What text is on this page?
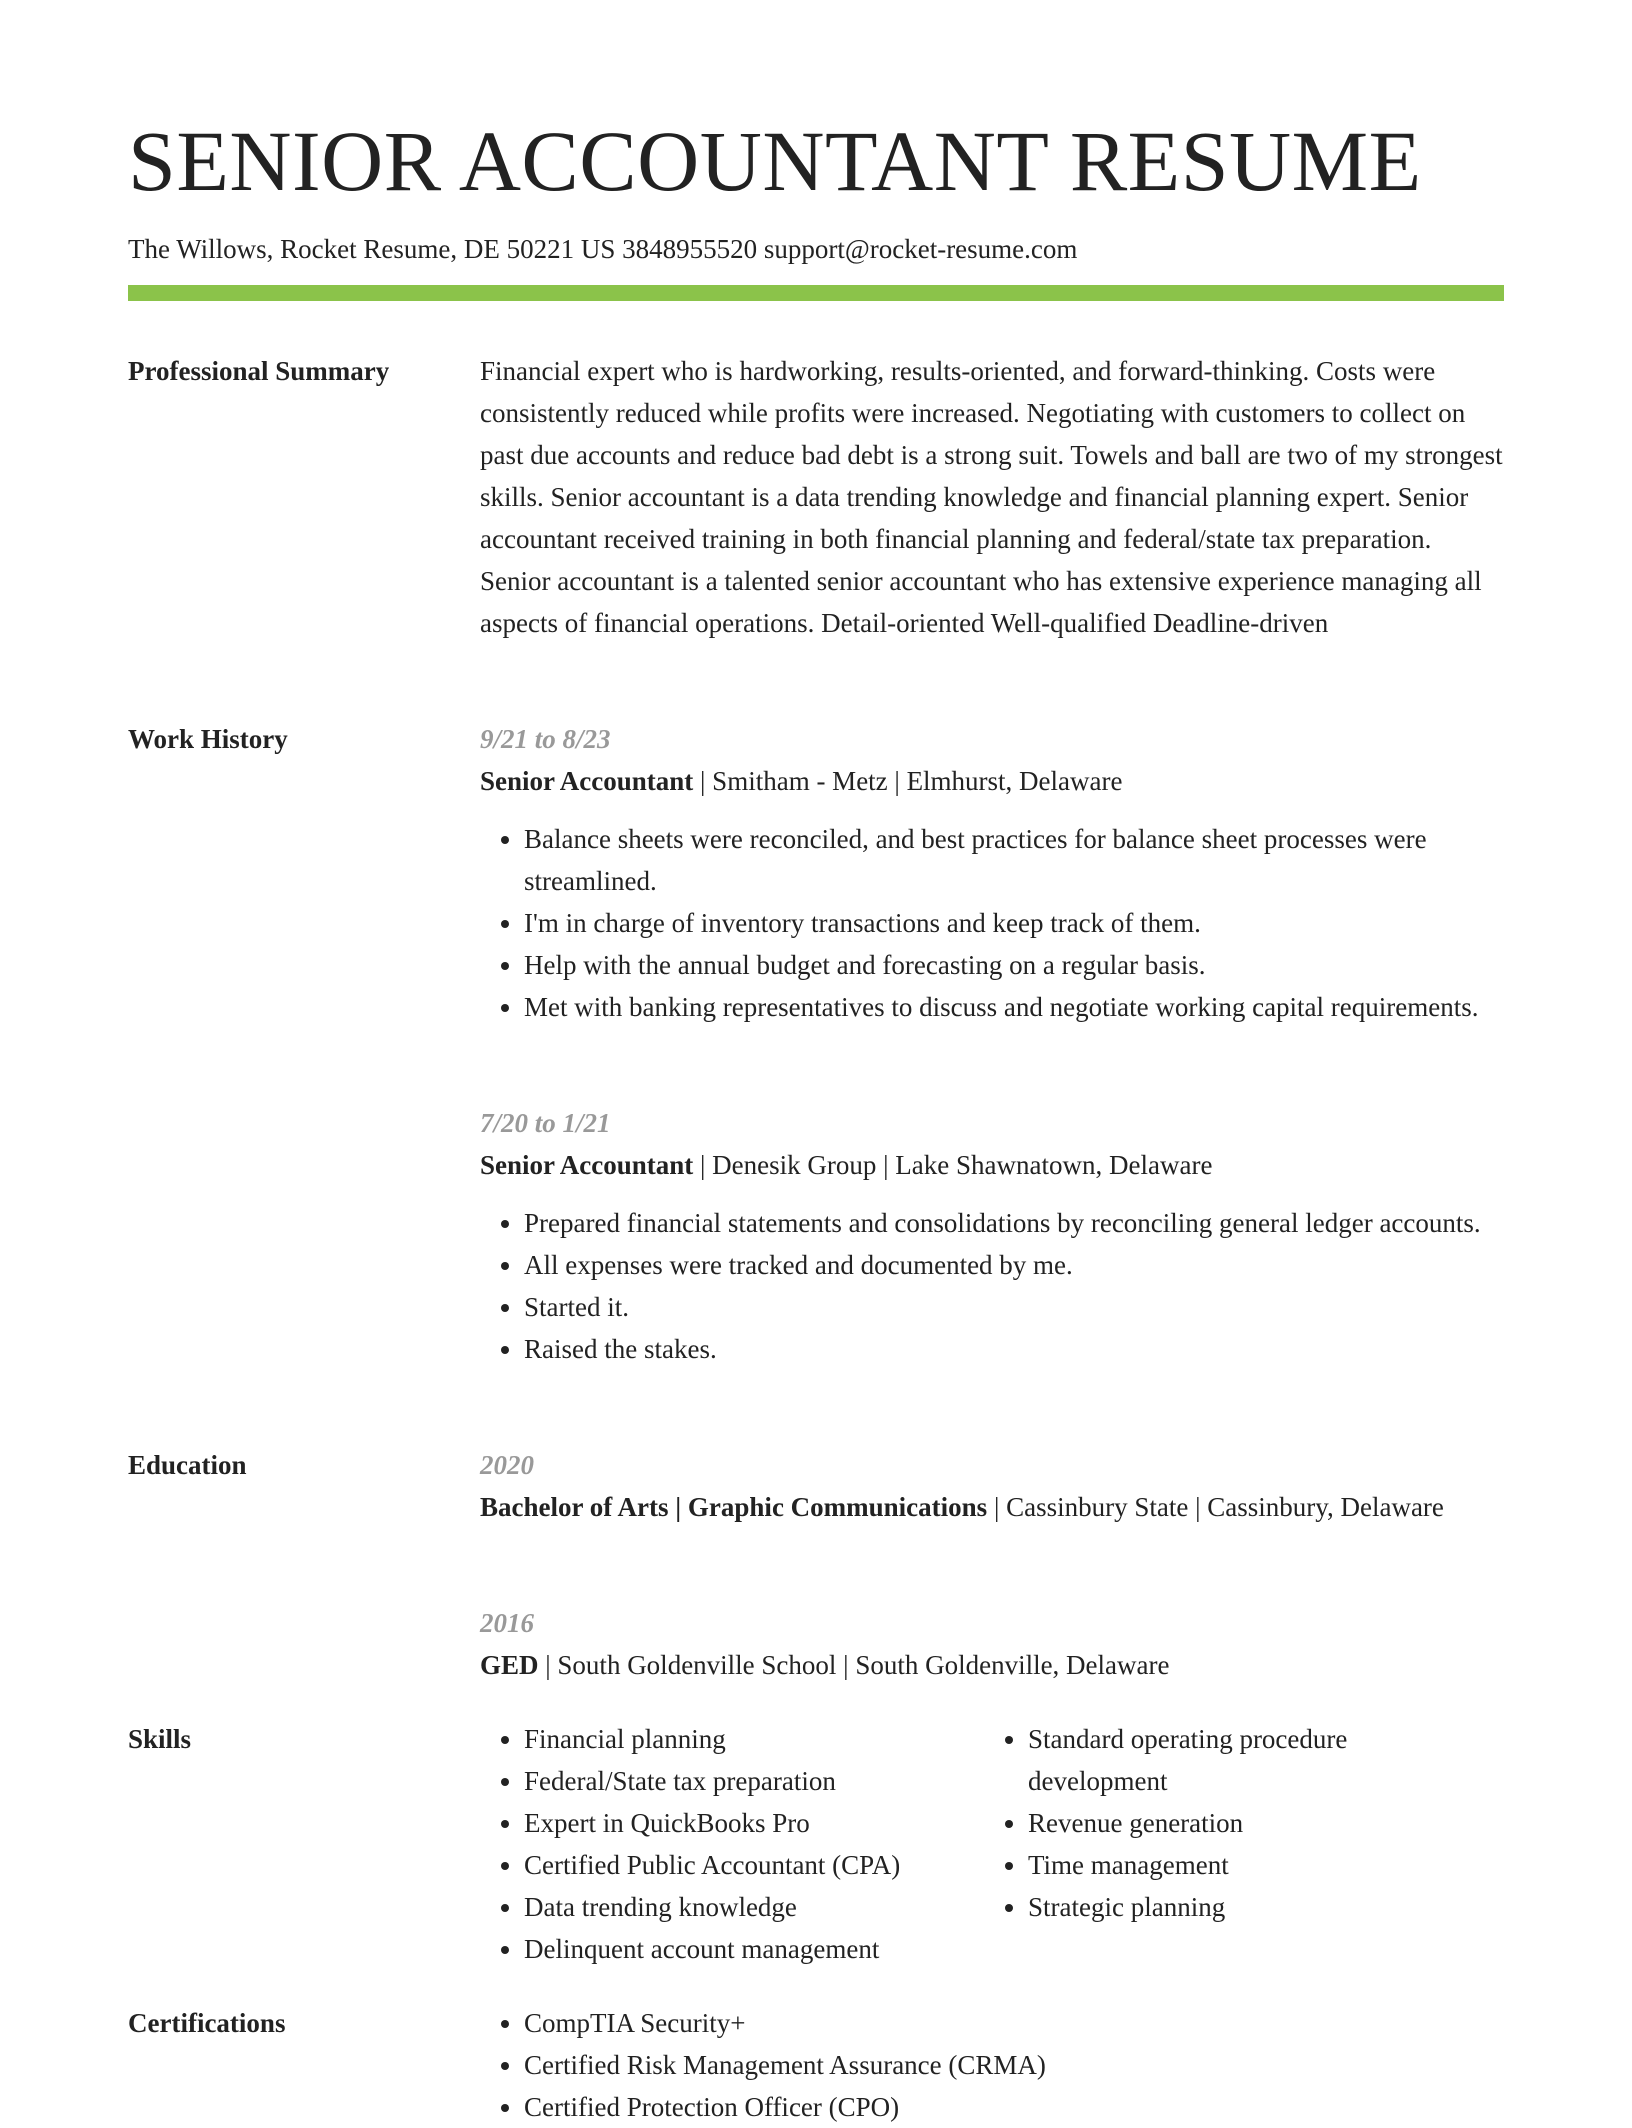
SENIOR ACCOUNTANT RESUME
The Willows, Rocket Resume, DE 50221 US 3848955520 support@rocket-resume.com
Professional Summary	Financial expert who is hardworking, results-oriented, and forward-thinking. Costs were consistently reduced while profits were increased. Negotiating with customers to collect on past due accounts and reduce bad debt is a strong suit. Towels and ball are two of my strongest skills. Senior accountant is a data trending knowledge and financial planning expert. Senior accountant received training in both financial planning and federal/state tax preparation. Senior accountant is a talented senior accountant who has extensive experience managing all aspects of financial operations. Detail-oriented Well-qualified Deadline-driven

Work History	9/21 to 8/23
Senior Accountant | Smitham - Metz | Elmhurst, Delaware
• Balance sheets were reconciled, and best practices for balance sheet processes were streamlined.
• I'm in charge of inventory transactions and keep track of them.
• Help with the annual budget and forecasting on a regular basis.
• Met with banking representatives to discuss and negotiate working capital requirements.
7/20 to 1/21
Senior Accountant | Denesik Group | Lake Shawnatown, Delaware
• Prepared financial statements and consolidations by reconciling general ledger accounts.
• All expenses were tracked and documented by me.
• Started it.
• Raised the stakes.
Education	2020
Bachelor of Arts | Graphic Communications | Cassinbury State | Cassinbury, Delaware
2016
GED | South Goldenville School | South Goldenville, Delaware
Skills	• Financial planning
• Federal/State tax preparation
• Expert in QuickBooks Pro
• Certified Public Accountant (CPA)
• Data trending knowledge
• Delinquent account management
• Standard operating procedure development
• Revenue generation
• Time management
• Strategic planning
Certifications	• CompTIA Security+
• Certified Risk Management Assurance (CRMA)
• Certified Protection Officer (CPO)
